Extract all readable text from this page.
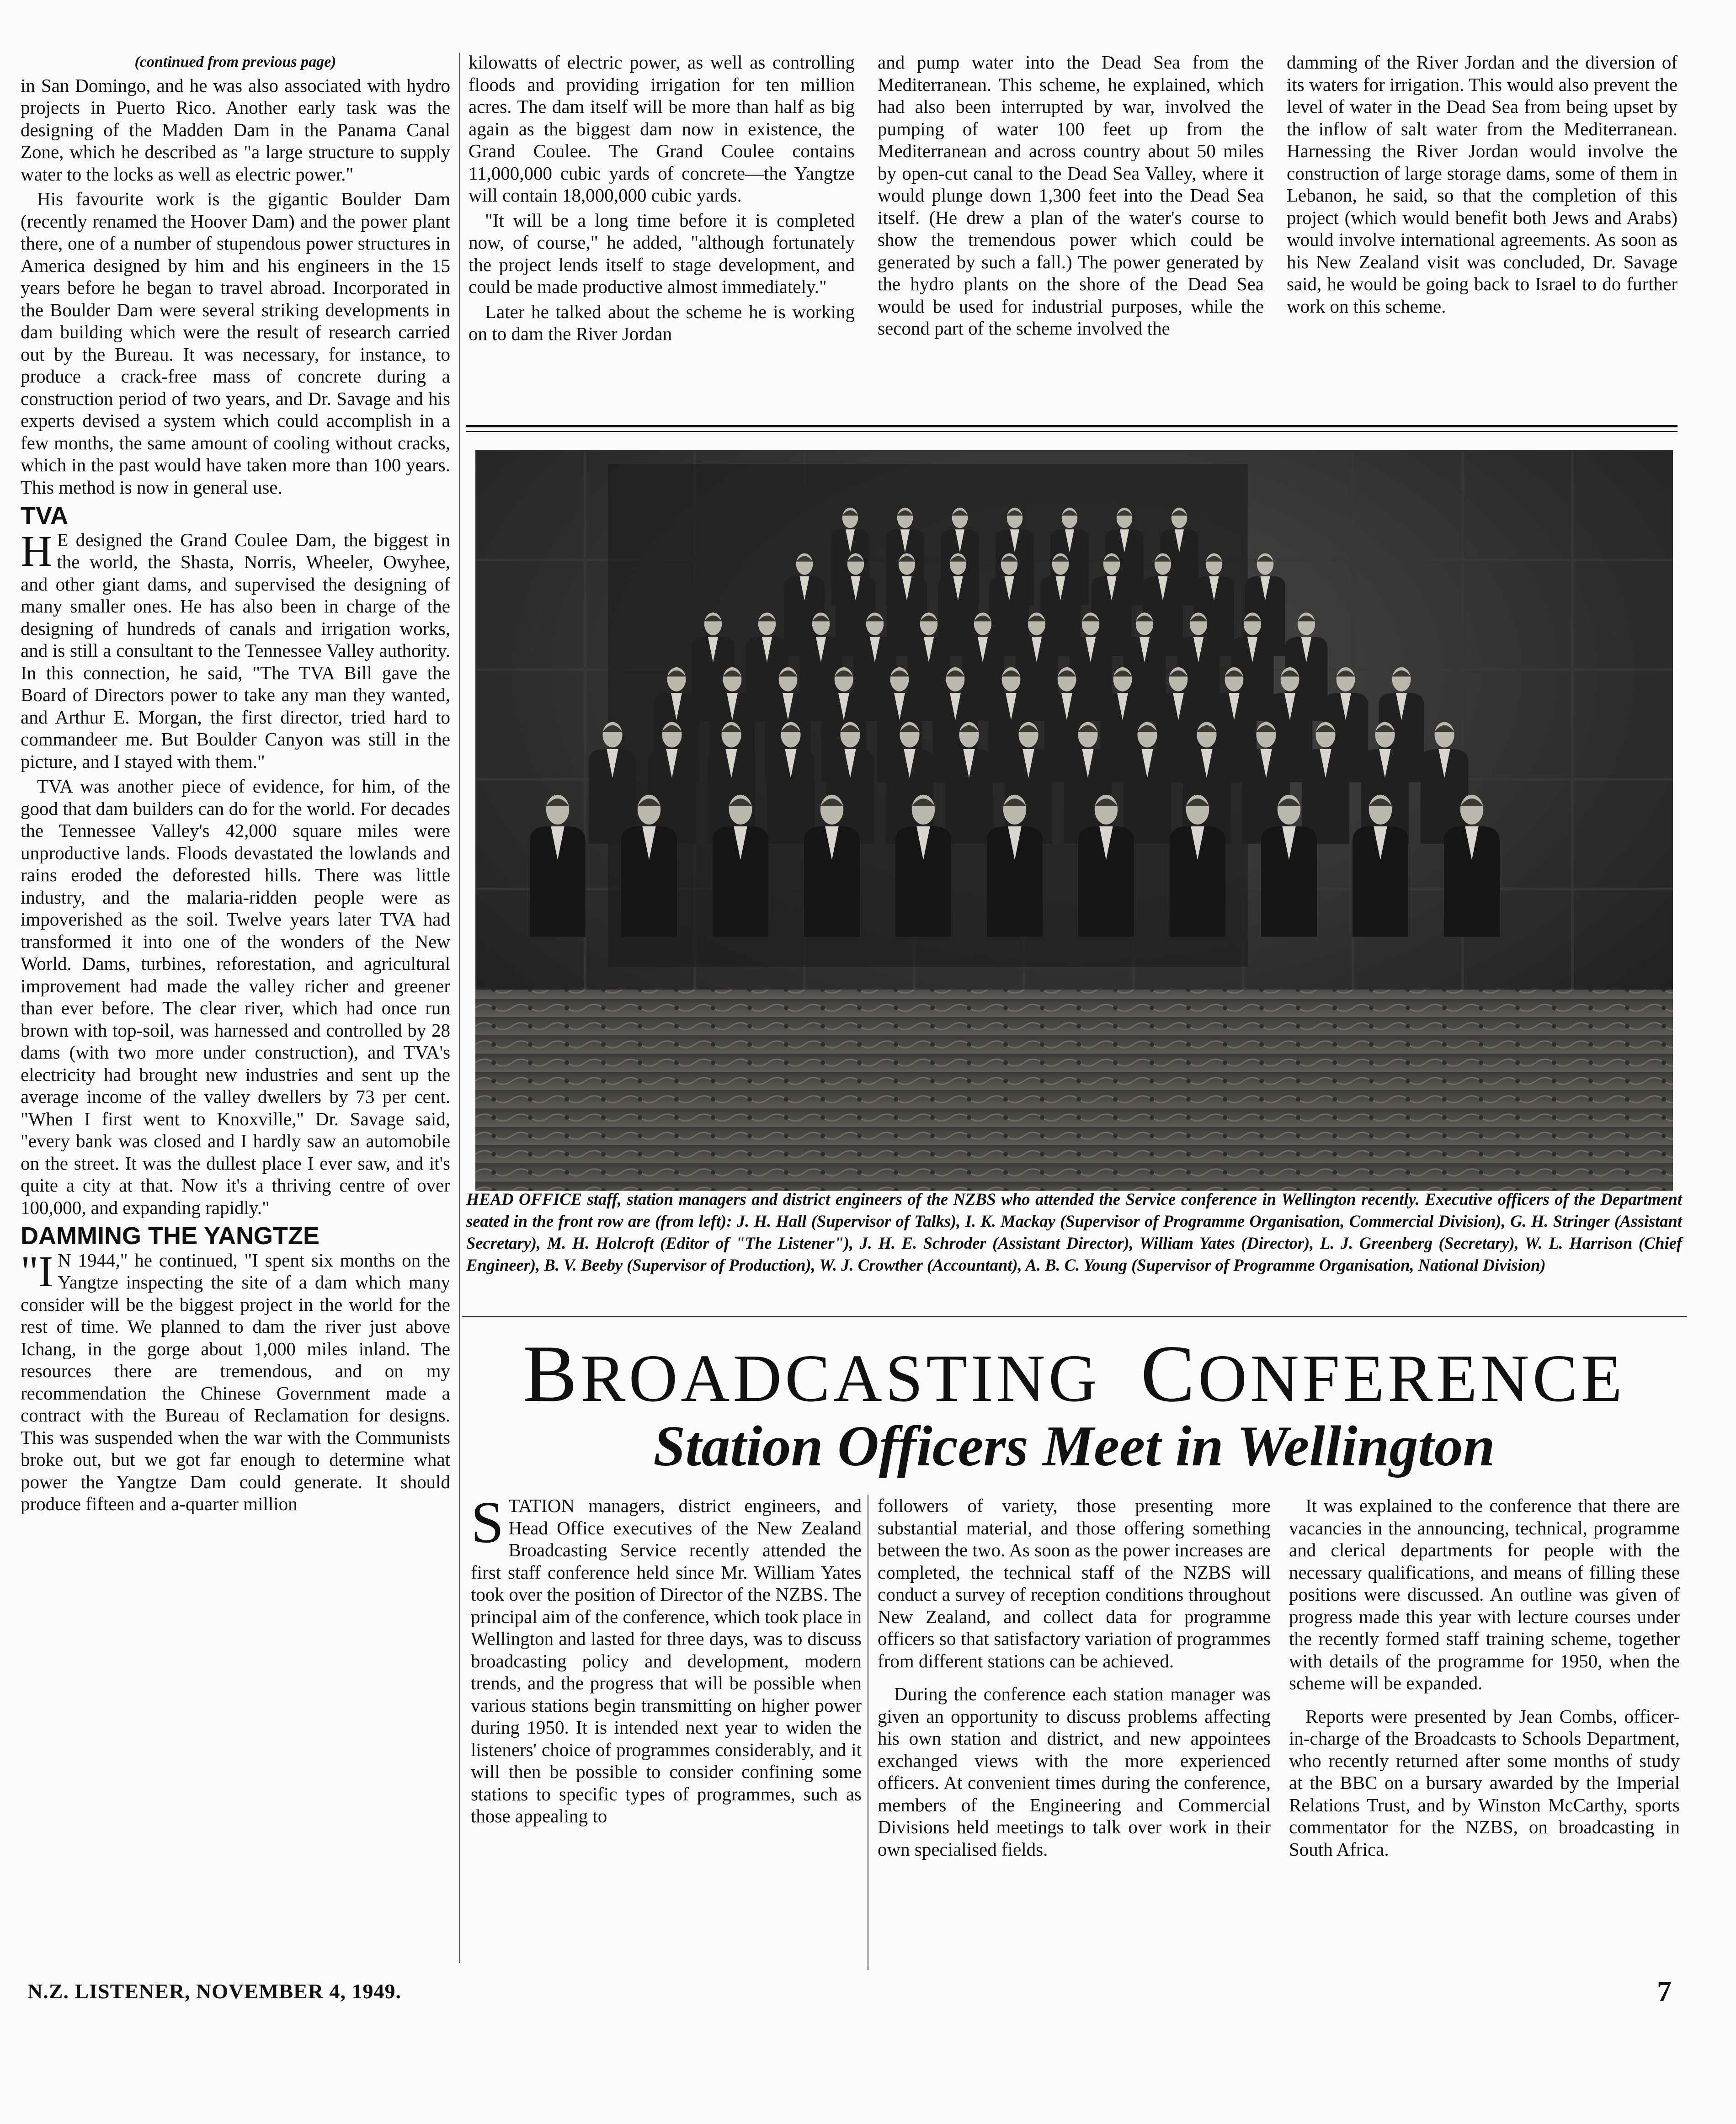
(continued from previous page)

in San Domingo, and he was also associated with hydro projects in Puerto Rico. Another early task was the designing of the Madden Dam in the Panama Canal Zone, which he described as "a large structure to supply water to the locks as well as electric power."

His favourite work is the gigantic Boulder Dam (recently renamed the Hoover Dam) and the power plant there, one of a number of stupendous power structures in America designed by him and his engineers in the 15 years before he began to travel abroad. Incorporated in the Boulder Dam were several striking developments in dam building which were the result of research carried out by the Bureau. It was necessary, for instance, to produce a crack-free mass of concrete during a construction period of two years, and Dr. Savage and his experts devised a system which could accomplish in a few months, the same amount of cooling without cracks, which in the past would have taken more than 100 years. This method is now in general use.

TVA

H E designed the Grand Coulee Dam, the biggest in the world, the Shasta, Norris, Wheeler, Owyhee, and other giant dams, and supervised the designing of many smaller ones. He has also been in charge of the designing of hundreds of canals and irrigation works, and is still a consultant to the Tennessee Valley authority. In this connection, he said, "The TVA Bill gave the Board of Directors power to take any man they wanted, and Arthur E. Morgan, the first director, tried hard to commandeer me. But Boulder Canyon was still in the picture, and I stayed with them."

TVA was another piece of evidence, for him, of the good that dam builders can do for the world. For decades the Tennessee Valley's 42,000 square miles were unproductive lands. Floods devastated the lowlands and rains eroded the deforested hills. There was little industry, and the malaria-ridden people were as impoverished as the soil. Twelve years later TVA had transformed it into one of the wonders of the New World. Dams, turbines, reforestation, and agricultural improvement had made the valley richer and greener than ever before. The clear river, which had once run brown with top-soil, was harnessed and controlled by 28 dams (with two more under construction), and TVA's electricity had brought new industries and sent up the average income of the valley dwellers by 73 per cent. "When I first went to Knoxville," Dr. Savage said, "every bank was closed and I hardly saw an automobile on the street. It was the dullest place I ever saw, and it's quite a city at that. Now it's a thriving centre of over 100,000, and expanding rapidly."

DAMMING THE YANGTZE

"I N 1944," he continued, "I spent six months on the Yangtze inspecting the site of a dam which many consider will be the biggest project in the world for the rest of time. We planned to dam the river just above Ichang, in the gorge about 1,000 miles inland. The resources there are tremendous, and on my recommendation the Chinese Government made a contract with the Bureau of Reclamation for designs. This was suspended when the war with the Communists broke out, but we got far enough to determine what power the Yangtze Dam could generate. It should produce fifteen and a-quarter million

kilowatts of electric power, as well as controlling floods and providing irrigation for ten million acres. The dam itself will be more than half as big again as the biggest dam now in existence, the Grand Coulee. The Grand Coulee contains 11,000,000 cubic yards of concrete—the Yangtze will contain 18,000,000 cubic yards.

"It will be a long time before it is completed now, of course," he added, "although fortunately the project lends itself to stage development, and could be made productive almost immediately."

Later he talked about the scheme he is working on to dam the River Jordan

and pump water into the Dead Sea from the Mediterranean. This scheme, he explained, which had also been interrupted by war, involved the pumping of water 100 feet up from the Mediterranean and across country about 50 miles by open-cut canal to the Dead Sea Valley, where it would plunge down 1,300 feet into the Dead Sea itself. (He drew a plan of the water's course to show the tremendous power which could be generated by such a fall.) The power generated by the hydro plants on the shore of the Dead Sea would be used for industrial purposes, while the second part of the scheme involved the

damming of the River Jordan and the diversion of its waters for irrigation. This would also prevent the level of water in the Dead Sea from being upset by the inflow of salt water from the Mediterranean. Harnessing the River Jordan would involve the construction of large storage dams, some of them in Lebanon, he said, so that the completion of this project (which would benefit both Jews and Arabs) would involve international agreements. As soon as his New Zealand visit was concluded, Dr. Savage said, he would be going back to Israel to do further work on this scheme.

HEAD OFFICE staff, station managers and district engineers of the NZBS who attended the Service conference in Wellington recently. Executive officers of the Department seated in the front row are (from left): J. H. Hall (Supervisor of Talks), I. K. Mackay (Supervisor of Programme Organisation, Commercial Division), G. H. Stringer (Assistant Secretary), M. H. Holcroft (Editor of "The Listener"), J. H. E. Schroder (Assistant Director), William Yates (Director), L. J. Greenberg (Secretary), W. L. Harrison (Chief Engineer), B. V. Beeby (Supervisor of Production), W. J. Crowther (Accountant), A. B. C. Young (Supervisor of Programme Organisation, National Division)
BROADCASTING CONFERENCE
Station Officers Meet in Wellington

STATION managers, district engineers, and Head Office executives of the New Zealand Broadcasting Service recently attended the first staff conference held since Mr. William Yates took over the position of Director of the NZBS. The principal aim of the conference, which took place in Wellington and lasted for three days, was to discuss broadcasting policy and development, modern trends, and the progress that will be possible when various stations begin transmitting on higher power during 1950. It is intended next year to widen the listeners' choice of programmes considerably, and it will then be possible to consider confining some stations to specific types of programmes, such as those appealing to

followers of variety, those presenting more substantial material, and those offering something between the two. As soon as the power increases are completed, the technical staff of the NZBS will conduct a survey of reception conditions throughout New Zealand, and collect data for programme officers so that satisfactory variation of programmes from different stations can be achieved.

During the conference each station manager was given an opportunity to discuss problems affecting his own station and district, and new appointees exchanged views with the more experienced officers. At convenient times during the conference, members of the Engineering and Commercial Divisions held meetings to talk over work in their own specialised fields.

It was explained to the conference that there are vacancies in the announcing, technical, programme and clerical departments for people with the necessary qualifications, and means of filling these positions were discussed. An outline was given of progress made this year with lecture courses under the recently formed staff training scheme, together with details of the programme for 1950, when the scheme will be expanded.

Reports were presented by Jean Combs, officer-in-charge of the Broadcasts to Schools Department, who recently returned after some months of study at the BBC on a bursary awarded by the Imperial Relations Trust, and by Winston McCarthy, sports commentator for the NZBS, on broadcasting in South Africa.

N.Z. LISTENER, NOVEMBER 4, 1949.	7
